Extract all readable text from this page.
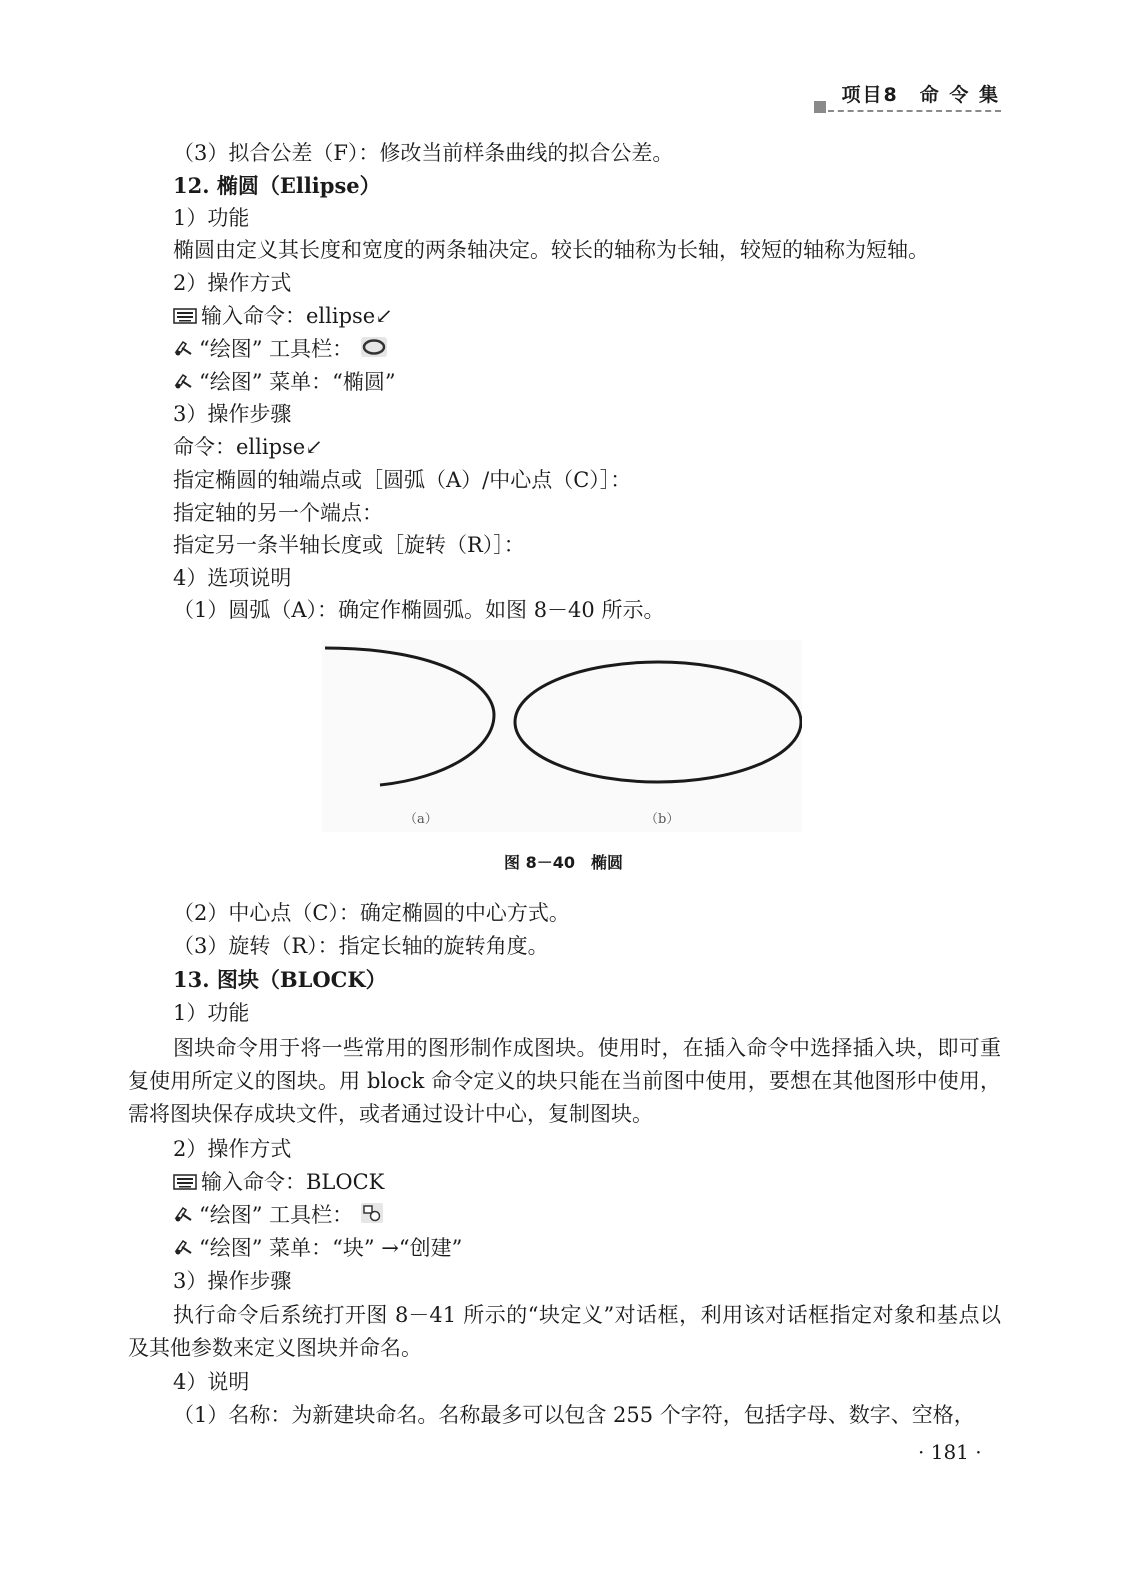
项目8　命 令 集
（3）拟合公差（F）：修改当前样条曲线的拟合公差。
12. 椭圆（Ellipse）
1）功能
椭圆由定义其长度和宽度的两条轴决定。较长的轴称为长轴，较短的轴称为短轴。
2）操作方式
输入命令：ellipse↙
“绘图” 工具栏：
“绘图” 菜单：“椭圆”
3）操作步骤
命令：ellipse↙
指定椭圆的轴端点或［圆弧（A）/中心点（C）］：
指定轴的另一个端点：
指定另一条半轴长度或［旋转（R）］：
4）选项说明
（1）圆弧（A）：确定作椭圆弧。如图 8－40 所示。
（a）	（b）
图 8－40　椭圆
（2）中心点（C）：确定椭圆的中心方式。
（3）旋转（R）：指定长轴的旋转角度。
13. 图块（BLOCK）
1）功能
图块命令用于将一些常用的图形制作成图块。使用时，在插入命令中选择插入块，即可重复使用所定义的图块。用 block 命令定义的块只能在当前图中使用，要想在其他图形中使用，需将图块保存成块文件，或者通过设计中心，复制图块。
2）操作方式
输入命令：BLOCK
“绘图” 工具栏：
“绘图” 菜单：“块” →“创建”
3）操作步骤
执行命令后系统打开图 8－41 所示的“块定义”对话框，利用该对话框指定对象和基点以及其他参数来定义图块并命名。
4）说明
（1）名称：为新建块命名。名称最多可以包含 255 个字符，包括字母、数字、空格，
· 181 ·
